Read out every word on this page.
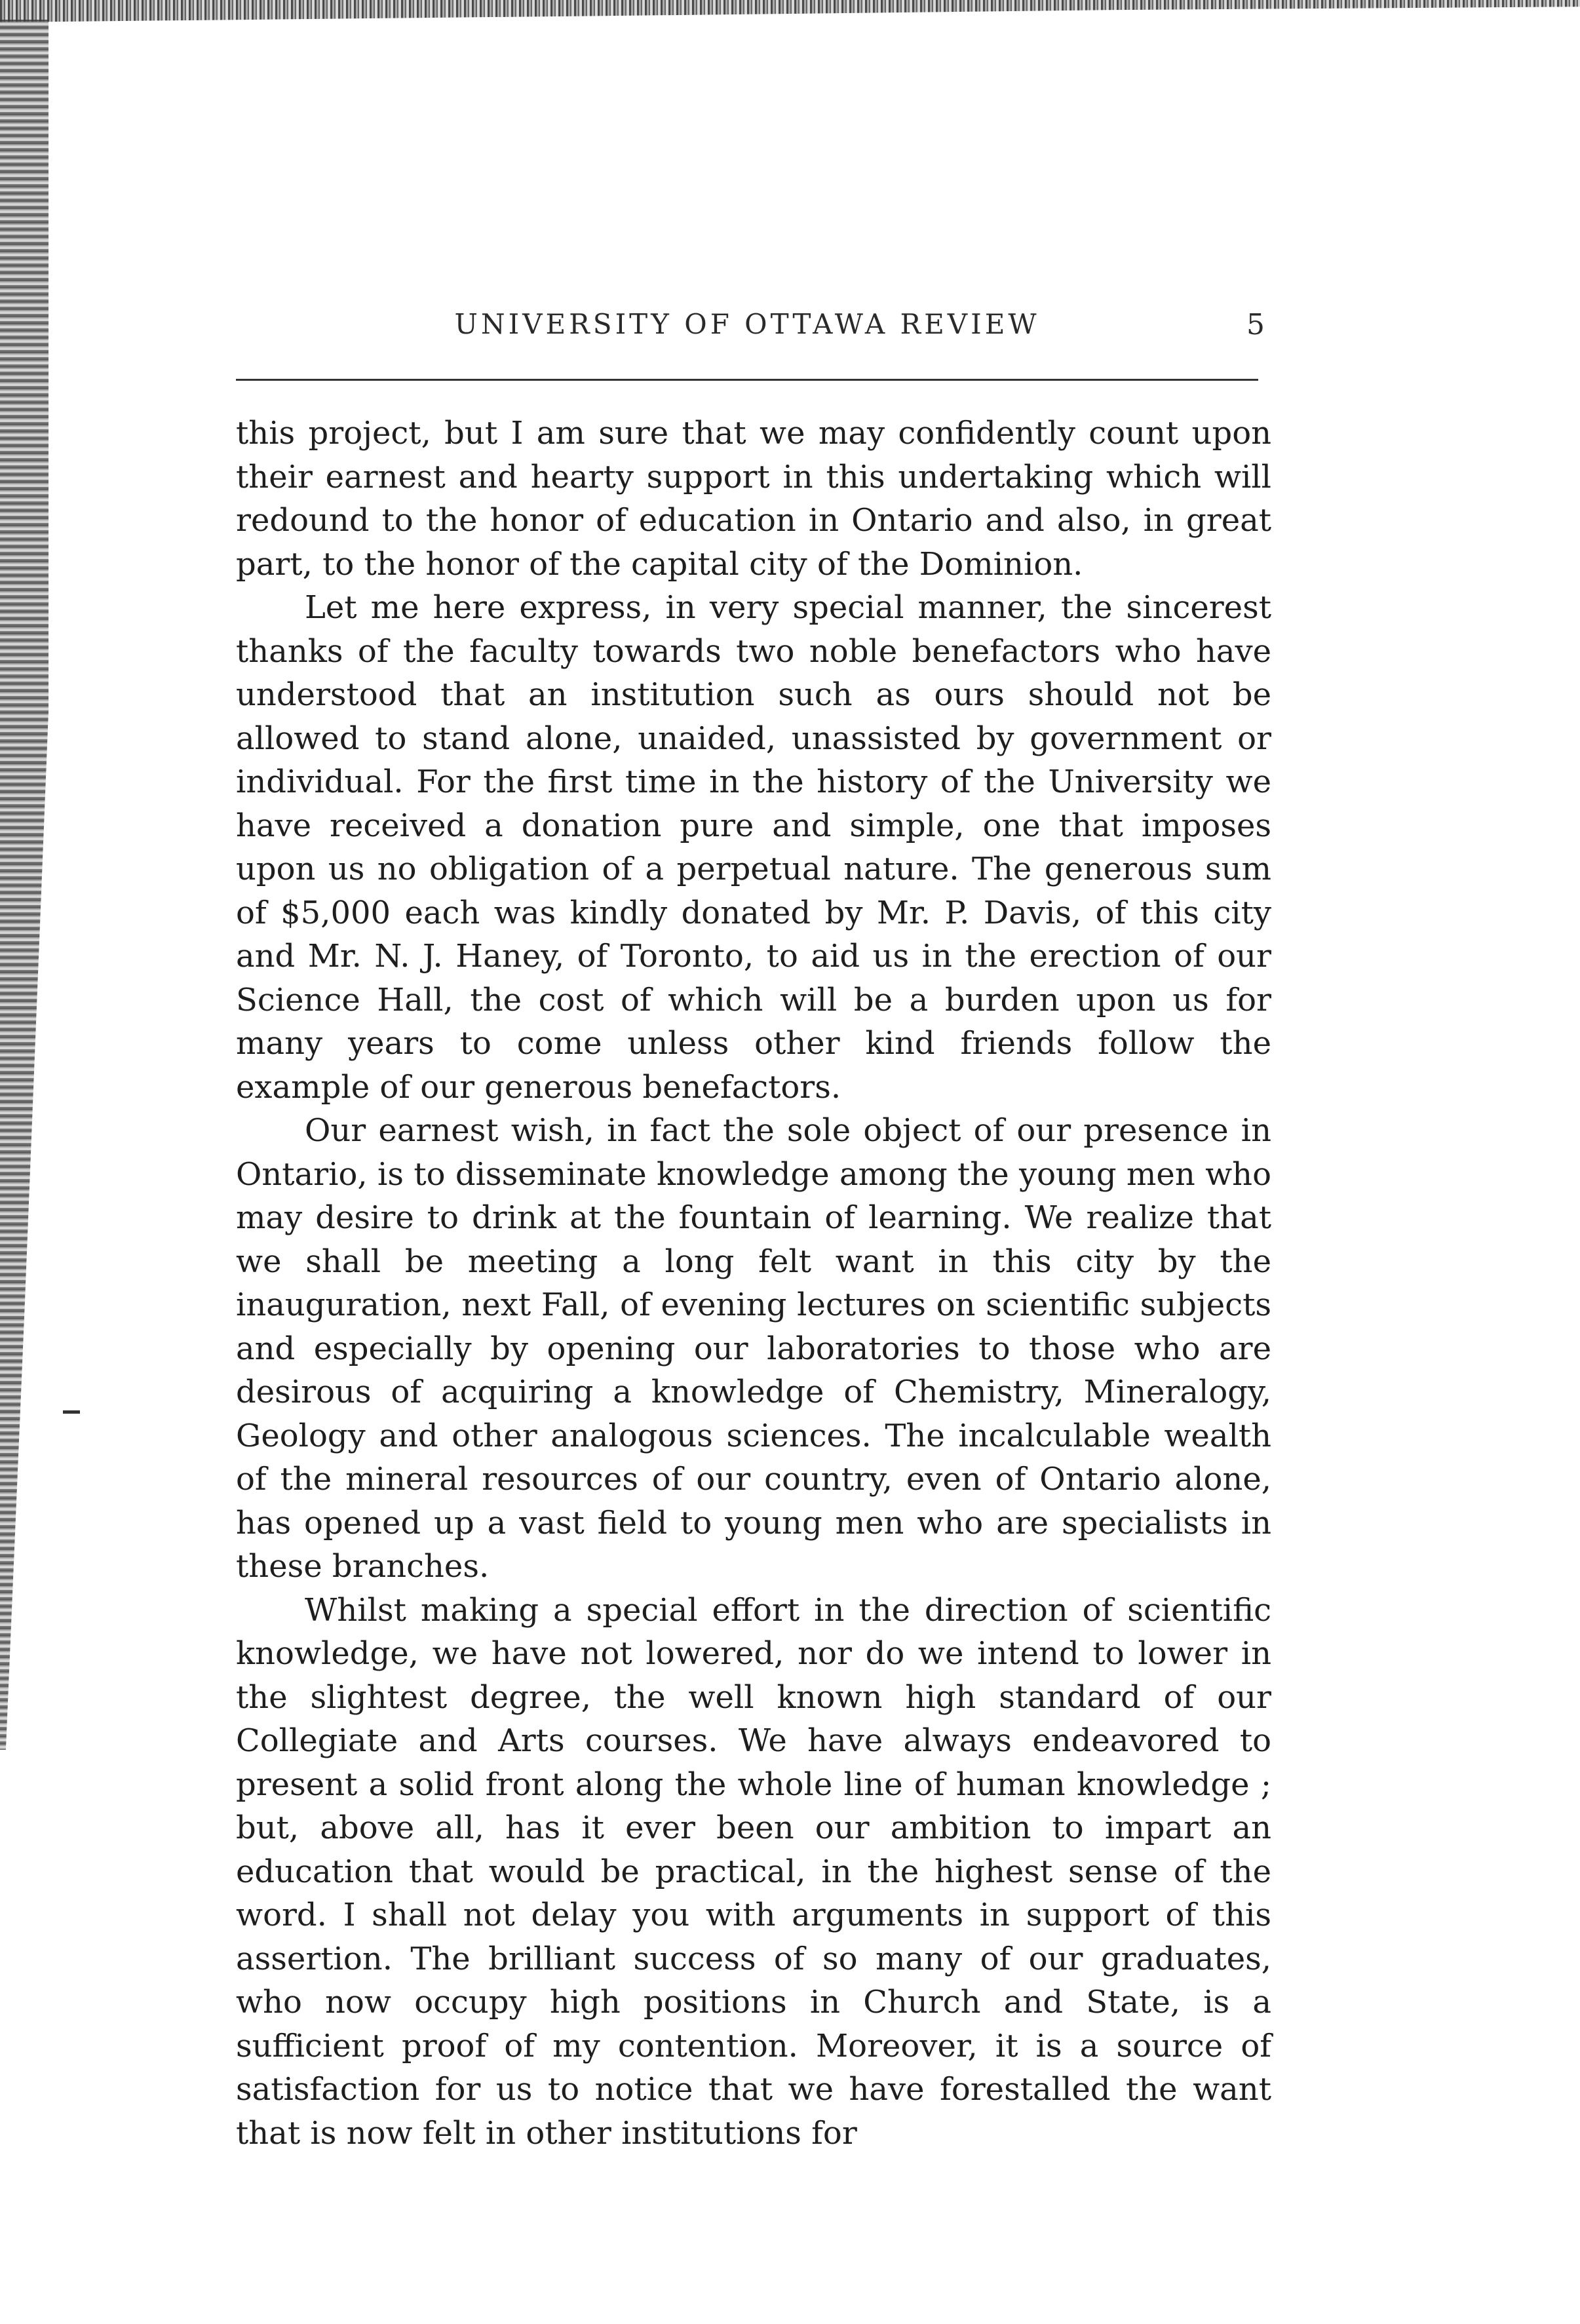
UNIVERSITY OF OTTAWA REVIEW	5

this project, but I am sure that we may confidently count upon their earnest and hearty support in this undertaking which will redound to the honor of education in Ontario and also, in great part, to the honor of the capital city of the Dominion.

Let me here express, in very special manner, the sincerest thanks of the faculty towards two noble benefactors who have understood that an institution such as ours should not be allowed to stand alone, unaided, unassisted by government or individual. For the first time in the history of the University we have received a donation pure and simple, one that imposes upon us no obligation of a perpetual nature. The generous sum of $5,000 each was kindly donated by Mr. P. Davis, of this city and Mr. N. J. Haney, of Toronto, to aid us in the erection of our Science Hall, the cost of which will be a burden upon us for many years to come unless other kind friends follow the example of our generous benefactors.

Our earnest wish, in fact the sole object of our presence in Ontario, is to disseminate knowledge among the young men who may desire to drink at the fountain of learning. We realize that we shall be meeting a long felt want in this city by the inauguration, next Fall, of evening lectures on scientific subjects and especially by opening our laboratories to those who are desirous of acquiring a knowledge of Chemistry, Mineralogy, Geology and other analogous sciences. The incalculable wealth of the mineral resources of our country, even of Ontario alone, has opened up a vast field to young men who are specialists in these branches.

Whilst making a special effort in the direction of scientific knowledge, we have not lowered, nor do we intend to lower in the slightest degree, the well known high standard of our Collegiate and Arts courses. We have always endeavored to present a solid front along the whole line of human knowledge ; but, above all, has it ever been our ambition to impart an education that would be practical, in the highest sense of the word. I shall not delay you with arguments in support of this assertion. The brilliant success of so many of our graduates, who now occupy high positions in Church and State, is a sufficient proof of my contention. Moreover, it is a source of satisfaction for us to notice that we have forestalled the want that is now felt in other institutions for
